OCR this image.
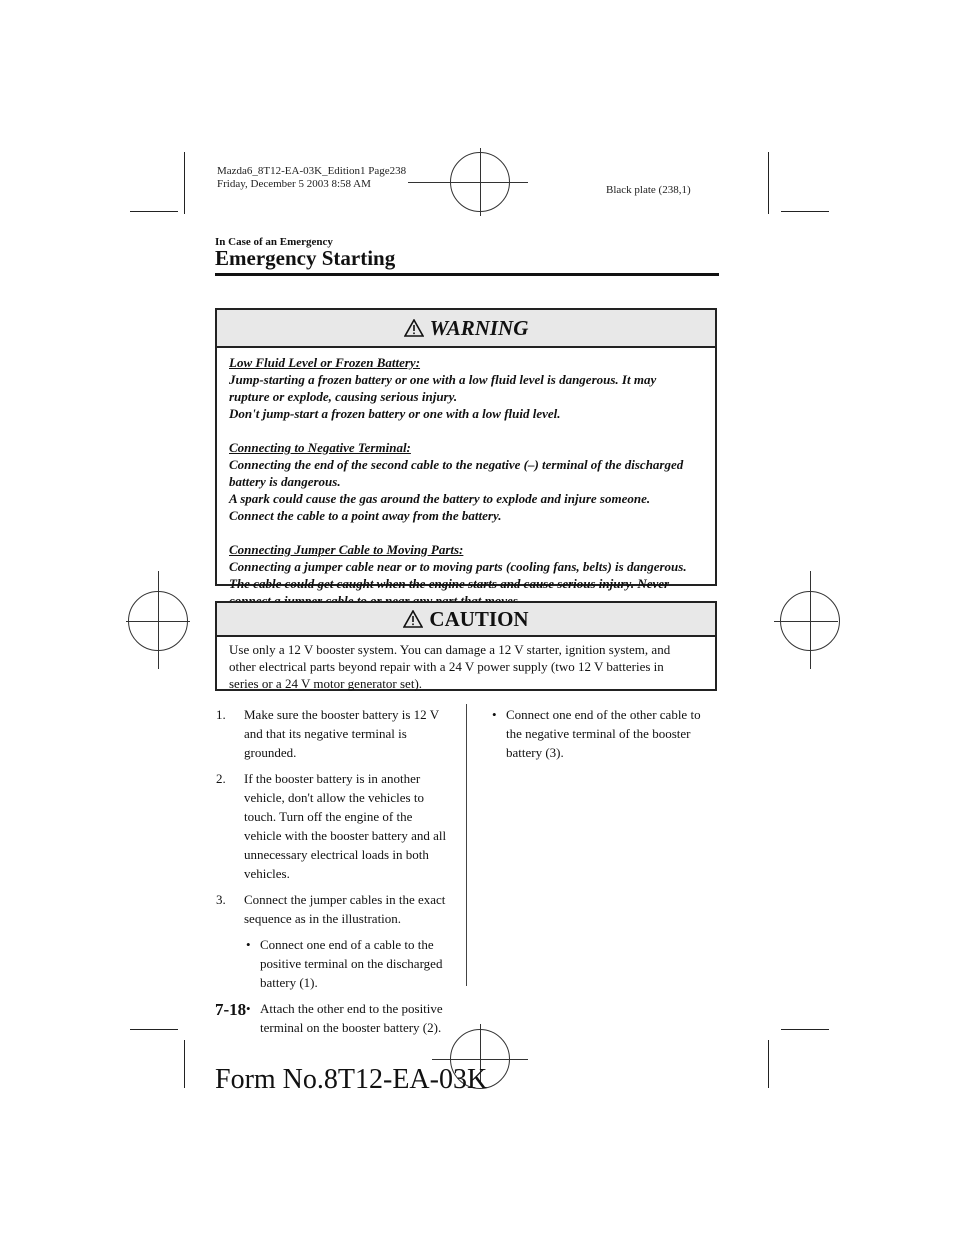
Mazda6_8T12-EA-03K_Edition1 Page238
Friday, December 5 2003 8:58 AM	Black plate (238,1)
In Case of an Emergency
Emergency Starting
WARNING

Low Fluid Level or Frozen Battery:

Jump-starting a frozen battery or one with a low fluid level is dangerous. It may

rupture or explode, causing serious injury.

Don't jump-start a frozen battery or one with a low fluid level.

Connecting to Negative Terminal:

Connecting the end of the second cable to the negative (–) terminal of the discharged

battery is dangerous.

A spark could cause the gas around the battery to explode and injure someone.

Connect the cable to a point away from the battery.

Connecting Jumper Cable to Moving Parts:

Connecting a jumper cable near or to moving parts (cooling fans, belts) is dangerous.

The cable could get caught when the engine starts and cause serious injury. Never

CAUTION

Use only a 12 V booster system. You can damage a 12 V starter, ignition system, and

other electrical parts beyond repair with a 24 V power supply (two 12 V batteries in

series or a 24 V motor generator set).

1. Make sure the booster battery is 12 V and that its negative terminal is grounded.
2. If the booster battery is in another vehicle, don't allow the vehicles to touch. Turn off the engine of the vehicle with the booster battery and all unnecessary electrical loads in both vehicles.
3. Connect the jumper cables in the exact sequence as in the illustration.
• Connect one end of a cable to the positive terminal on the discharged battery (1).
• Attach the other end to the positive terminal on the booster battery (2).
• Connect one end of the other cable to the negative terminal of the booster battery (3).
7-18
Form No.8T12-EA-03K
